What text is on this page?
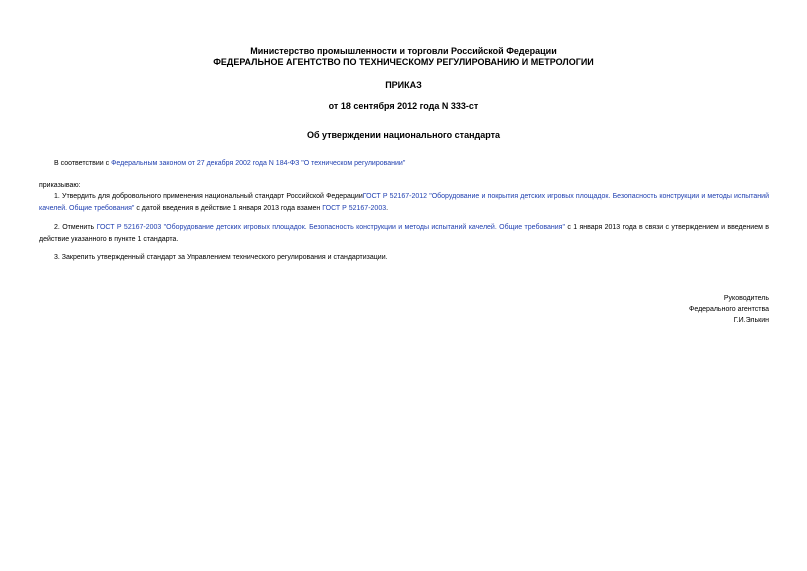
Министерство промышленности и торговли Российской Федерации
ФЕДЕРАЛЬНОЕ АГЕНТСТВО ПО ТЕХНИЧЕСКОМУ РЕГУЛИРОВАНИЮ И МЕТРОЛОГИИ
ПРИКАЗ
от 18 сентября 2012 года N 333-ст
Об утверждении национального стандарта
В соответствии с Федеральным законом от 27 декабря 2002 года N 184-ФЗ "О техническом регулировании"
приказываю:
1. Утвердить для добровольного применения национальный стандарт Российской ФедерацииГОСТ Р 52167-2012 "Оборудование и покрытия детских игровых площадок. Безопасность конструкции и методы испытаний качелей. Общие требования" с датой введения в действие 1 января 2013 года взамен ГОСТ Р 52167-2003.
2. Отменить ГОСТ Р 52167-2003 "Оборудование детских игровых площадок. Безопасность конструкции и методы испытаний качелей. Общие требования" с 1 января 2013 года в связи с утверждением и введением в действие указанного в пункте 1 стандарта.
3. Закрепить утвержденный стандарт за Управлением технического регулирования и стандартизации.
Руководитель
Федерального агентства
Г.И.Элькин
